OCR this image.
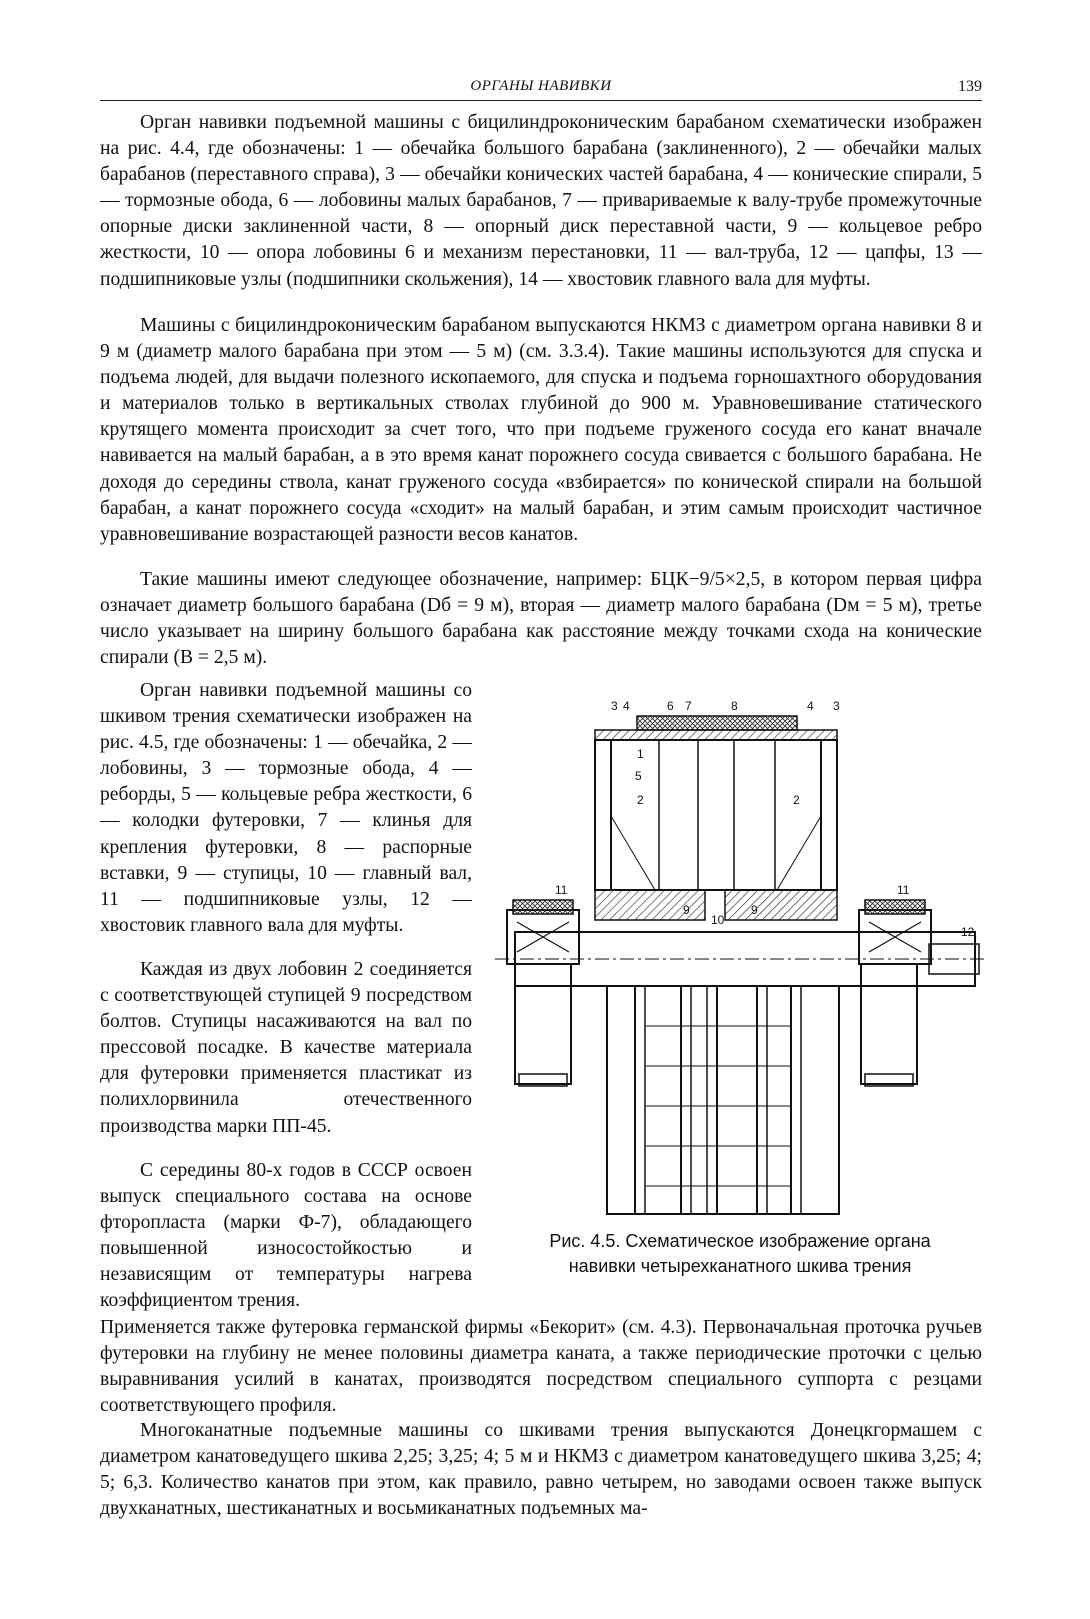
ОРГАНЫ НАВИВКИ	139

Орган навивки подъемной машины с бицилиндроконическим барабаном схематически изображен на рис. 4.4, где обозначены: 1 — обечайка большого барабана (заклиненного), 2 — обечайки малых барабанов (переставного справа), 3 — обечайки конических частей барабана, 4 — конические спирали, 5 — тормозные обода, 6 — лобовины малых барабанов, 7 — привариваемые к валу-трубе промежуточные опорные диски заклиненной части, 8 — опорный диск переставной части, 9 — кольцевое ребро жесткости, 10 — опора лобовины 6 и механизм перестановки, 11 — вал-труба, 12 — цапфы, 13 — подшипниковые узлы (подшипники скольжения), 14 — хвостовик главного вала для муфты.

Машины с бицилиндроконическим барабаном выпускаются НКМЗ с диаметром органа навивки 8 и 9 м (диаметр малого барабана при этом — 5 м) (см. 3.3.4). Такие машины используются для спуска и подъема людей, для выдачи полезного ископаемого, для спуска и подъема горношахтного оборудования и материалов только в вертикальных стволах глубиной до 900 м. Уравновешивание статического крутящего момента происходит за счет того, что при подъеме груженого сосуда его канат вначале навивается на малый барабан, а в это время канат порожнего сосуда свивается с большого барабана. Не доходя до середины ствола, канат груженого сосуда «взбирается» по конической спирали на большой барабан, а канат порожнего сосуда «сходит» на малый барабан, и этим самым происходит частичное уравновешивание возрастающей разности весов канатов.

Такие машины имеют следующее обозначение, например: БЦК−9/5×2,5, в котором первая цифра означает диаметр большого барабана (Dб = 9 м), вторая — диаметр малого барабана (Dм = 5 м), третье число указывает на ширину большого барабана как расстояние между точками схода на конические спирали (B = 2,5 м).

Орган навивки подъемной машины со шкивом трения схематически изображен на рис. 4.5, где обозначены: 1 — обечайка, 2 — лобовины, 3 — тормозные обода, 4 — реборды, 5 — кольцевые ребра жесткости, 6 — колодки футеровки, 7 — клинья для крепления футеровки, 8 — распорные вставки, 9 — ступицы, 10 — главный вал, 11 — подшипниковые узлы, 12 — хвостовик главного вала для муфты.

Каждая из двух лобовин 2 соединяется с соответствующей ступицей 9 посредством болтов. Ступицы насаживаются на вал по прессовой посадке. В качестве материала для футеровки применяется пластикат из полихлорвинила отечественного производства марки ПП-45.

С середины 80-х годов в СССР освоен выпуск специального состава на основе фторопласта (марки Ф-7), обладающего повышенной износостойкостью и независящим от температуры нагрева коэффициентом трения.

Применяется также футеровка германской фирмы «Бекорит» (см. 4.3). Первоначальная проточка ручьев футеровки на глубину не менее половины диаметра каната, а также периодические проточки с целью выравнивания усилий в канатах, производятся посредством специального суппорта с резцами соответствующего профиля.

Многоканатные подъемные машины со шкивами трения выпускаются Донецкгормашем с диаметром канатоведущего шкива 2,25; 3,25; 4; 5 м и НКМЗ с диаметром канатоведущего шкива 3,25; 4; 5; 6,3. Количество канатов при этом, как правило, равно четырем, но заводами освоен также выпуск двухканатных, шестиканатных и восьмиканатных подъемных ма-

3 4	6 7	8	4 3
1
5
2	2
11	11
9
10
9
12
Рис. 4.5. Схематическое изображение органа
навивки четырехканатного шкива трения
